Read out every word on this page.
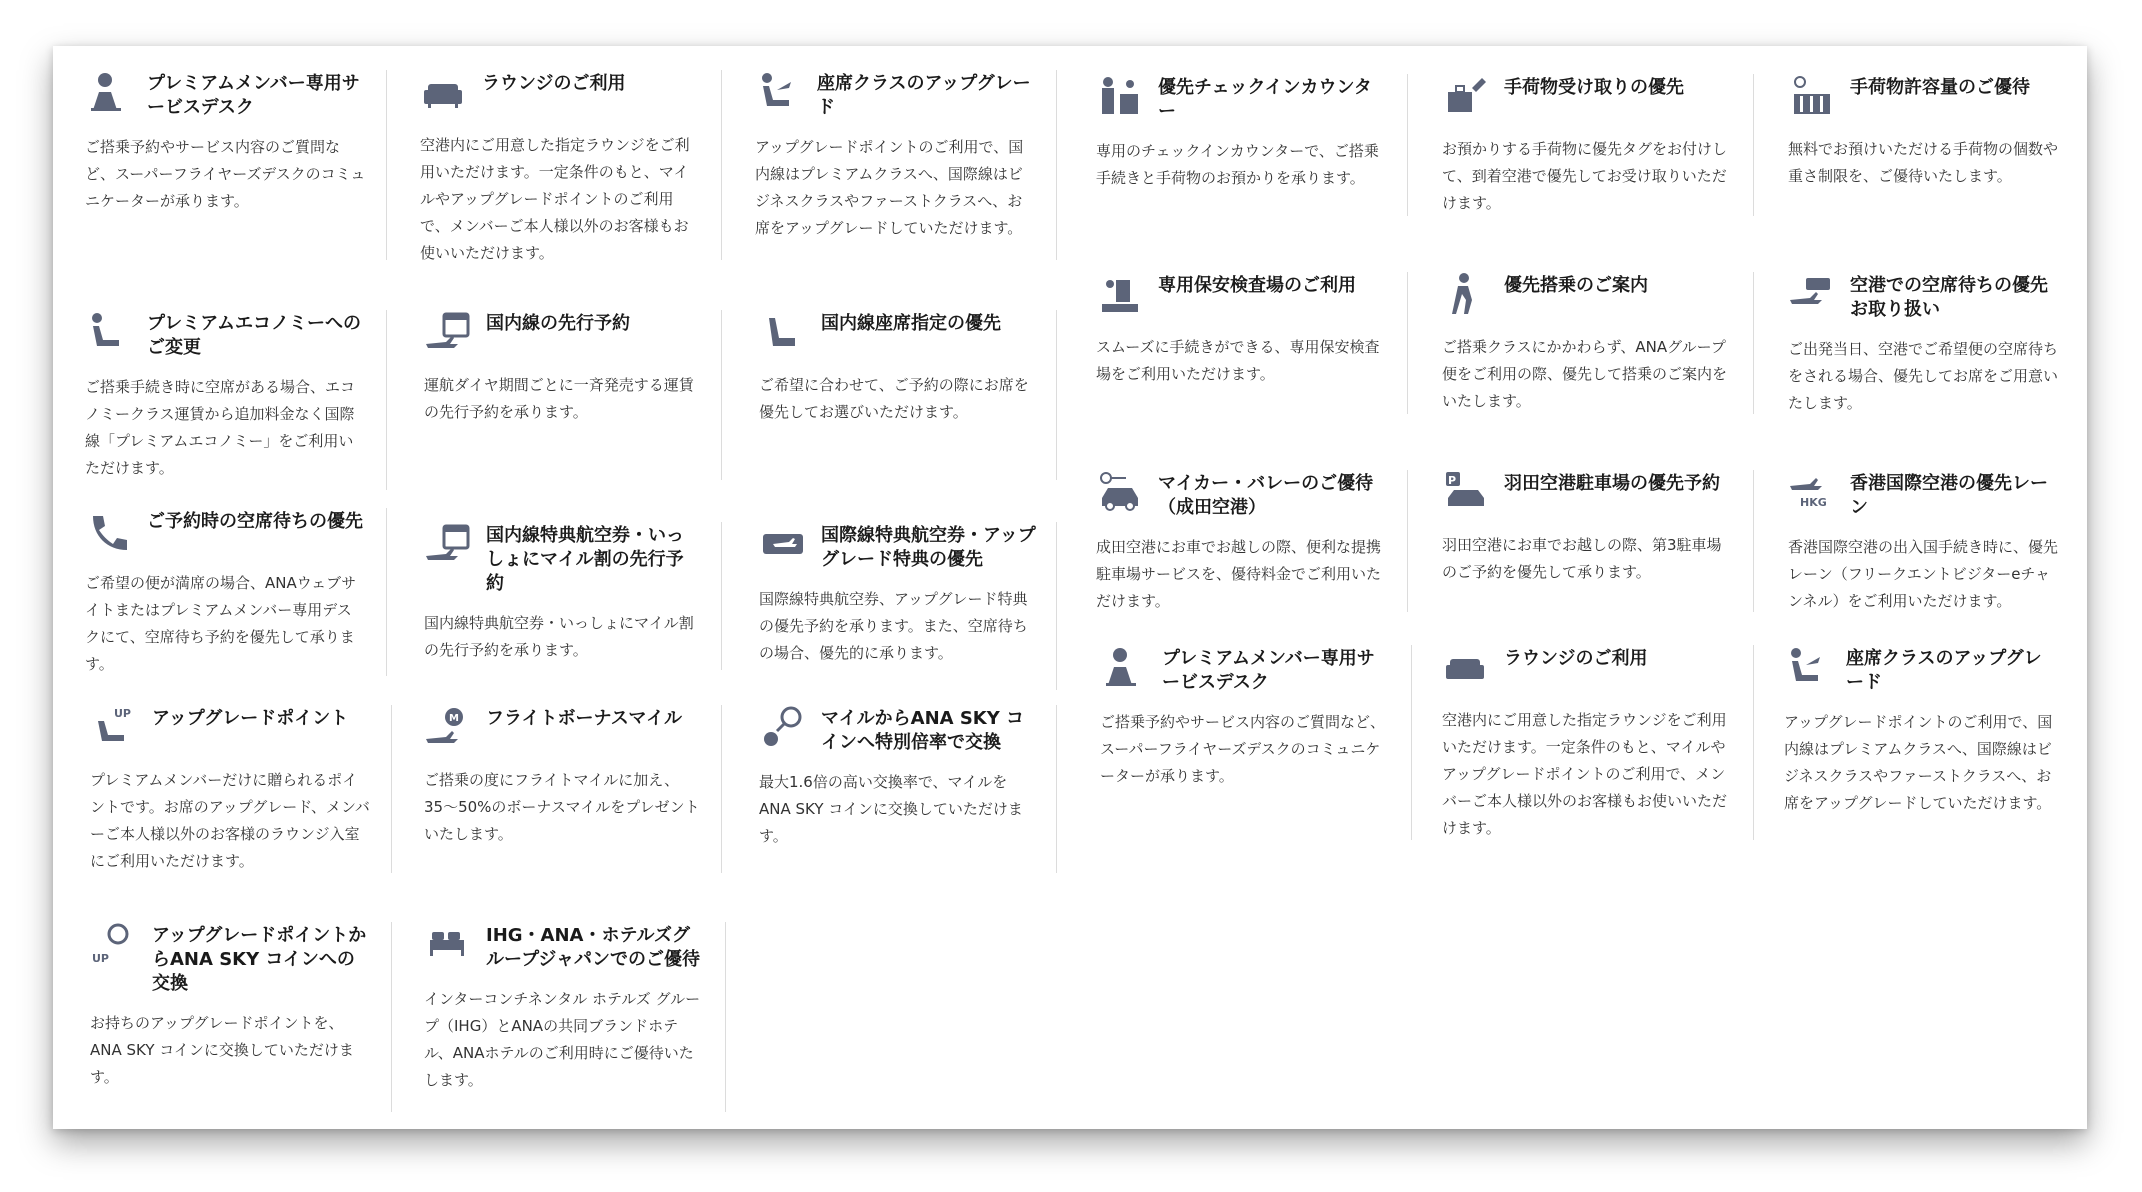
プレミアムメンバー専用サービスデスク
ご搭乗予約やサービス内容のご質問など、スーパーフライヤーズデスクのコミュニケーターが承ります。
ラウンジのご利用
空港内にご用意した指定ラウンジをご利用いただけます。一定条件のもと、マイルやアップグレードポイントのご利用で、メンバーご本人様以外のお客様もお使いいただけます。
座席クラスのアップグレード
アップグレードポイントのご利用で、国内線はプレミアムクラスへ、国際線はビジネスクラスやファーストクラスへ、お席をアップグレードしていただけます。
プレミアムエコノミーへのご変更
ご搭乗手続き時に空席がある場合、エコノミークラス運賃から追加料金なく国際線「プレミアムエコノミー」をご利用いただけます。
国内線の先行予約
運航ダイヤ期間ごとに一斉発売する運賃の先行予約を承ります。
国内線座席指定の優先
ご希望に合わせて、ご予約の際にお席を優先してお選びいただけます。
ご予約時の空席待ちの優先
ご希望の便が満席の場合、ANAウェブサイトまたはプレミアムメンバー専用デスクにて、空席待ち予約を優先して承ります。
国内線特典航空券・いっしょにマイル割の先行予約
国内線特典航空券・いっしょにマイル割の先行予約を承ります。
国際線特典航空券・アップグレード特典の優先
国際線特典航空券、アップグレード特典の優先予約を承ります。また、空席待ちの場合、優先的に承ります。
UP アップグレードポイント
プレミアムメンバーだけに贈られるポイントです。お席のアップグレード、メンバーご本人様以外のお客様のラウンジ入室にご利用いただけます。
M フライトボーナスマイル
ご搭乗の度にフライトマイルに加え、35〜50%のボーナスマイルをプレゼントいたします。
マイルからANA SKY コインへ特別倍率で交換
最大1.6倍の高い交換率で、マイルをANA SKY コインに交換していただけます。
UP
アップグレードポイントからANA SKY コインへの交換
お持ちのアップグレードポイントを、ANA SKY コインに交換していただけます。
IHG・ANA・ホテルズグループジャパンでのご優待
インターコンチネンタル ホテルズ グループ（IHG）とANAの共同ブランドホテル、ANAホテルのご利用時にご優待いたします。
優先チェックインカウンター
専用のチェックインカウンターで、ご搭乗手続きと手荷物のお預かりを承ります。
手荷物受け取りの優先
お預かりする手荷物に優先タグをお付けして、到着空港で優先してお受け取りいただけます。
手荷物許容量のご優待
無料でお預けいただける手荷物の個数や重さ制限を、ご優待いたします。
専用保安検査場のご利用
スムーズに手続きができる、専用保安検査場をご利用いただけます。
優先搭乗のご案内
ご搭乗クラスにかかわらず、ANAグループ便をご利用の際、優先して搭乗のご案内をいたします。
空港での空席待ちの優先お取り扱い
ご出発当日、空港でご希望便の空席待ちをされる場合、優先してお席をご用意いたします。
マイカー・バレーのご優待（成田空港）
成田空港にお車でお越しの際、便利な提携駐車場サービスを、優待料金でご利用いただけます。
P	羽田空港駐車場の優先予約
羽田空港にお車でお越しの際、第3駐車場のご予約を優先して承ります。
HKG
香港国際空港の優先レーン
香港国際空港の出入国手続き時に、優先レーン（フリークエントビジターeチャンネル）をご利用いただけます。
プレミアムメンバー専用サービスデスク
ご搭乗予約やサービス内容のご質問など、スーパーフライヤーズデスクのコミュニケーターが承ります。
ラウンジのご利用
空港内にご用意した指定ラウンジをご利用いただけます。一定条件のもと、マイルやアップグレードポイントのご利用で、メンバーご本人様以外のお客様もお使いいただけます。
座席クラスのアップグレード
アップグレードポイントのご利用で、国内線はプレミアムクラスへ、国際線はビジネスクラスやファーストクラスへ、お席をアップグレードしていただけます。
